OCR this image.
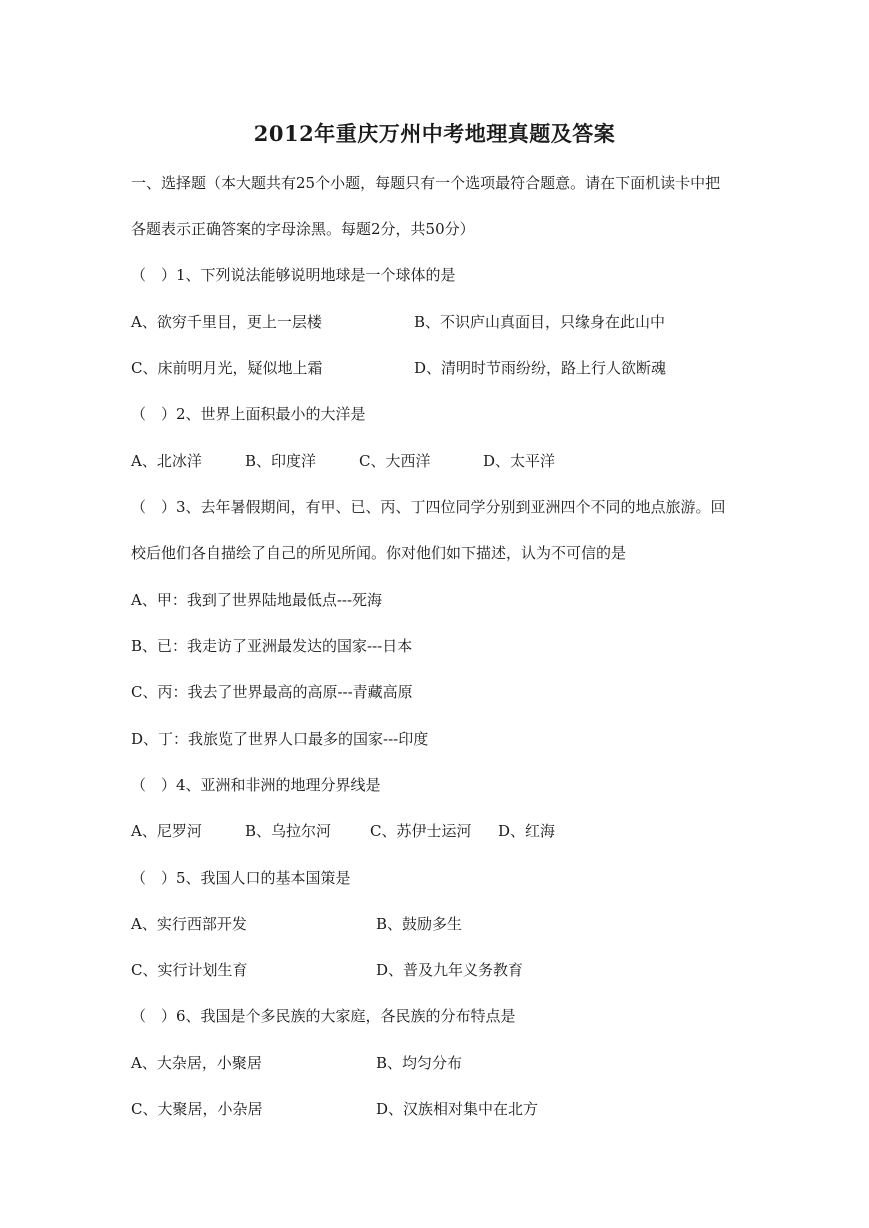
2012年重庆万州中考地理真题及答案
一、选择题（本大题共有25个小题，每题只有一个选项最符合题意。请在下面机读卡中把
各题表示正确答案的字母涂黑。每题2分，共50分）
（　）1、下列说法能够说明地球是一个球体的是
A、欲穷千里目，更上一层楼	B、不识庐山真面目，只缘身在此山中
C、床前明月光，疑似地上霜	D、清明时节雨纷纷，路上行人欲断魂
（　）2、世界上面积最小的大洋是
A、北冰洋	B、印度洋	C、大西洋	D、太平洋
（　）3、去年暑假期间，有甲、已、丙、丁四位同学分别到亚洲四个不同的地点旅游。回
校后他们各自描绘了自己的所见所闻。你对他们如下描述，认为不可信的是
A、甲：我到了世界陆地最低点---死海
B、已：我走访了亚洲最发达的国家---日本
C、丙：我去了世界最高的高原---青藏高原
D、丁：我旅览了世界人口最多的国家---印度
（　）4、亚洲和非洲的地理分界线是
A、尼罗河	B、乌拉尔河	C、苏伊士运河 D、红海
（　）5、我国人口的基本国策是
A、实行西部开发	B、鼓励多生
C、实行计划生育	D、普及九年义务教育
（　）6、我国是个多民族的大家庭，各民族的分布特点是
A、大杂居，小聚居	B、均匀分布
C、大聚居，小杂居	D、汉族相对集中在北方
